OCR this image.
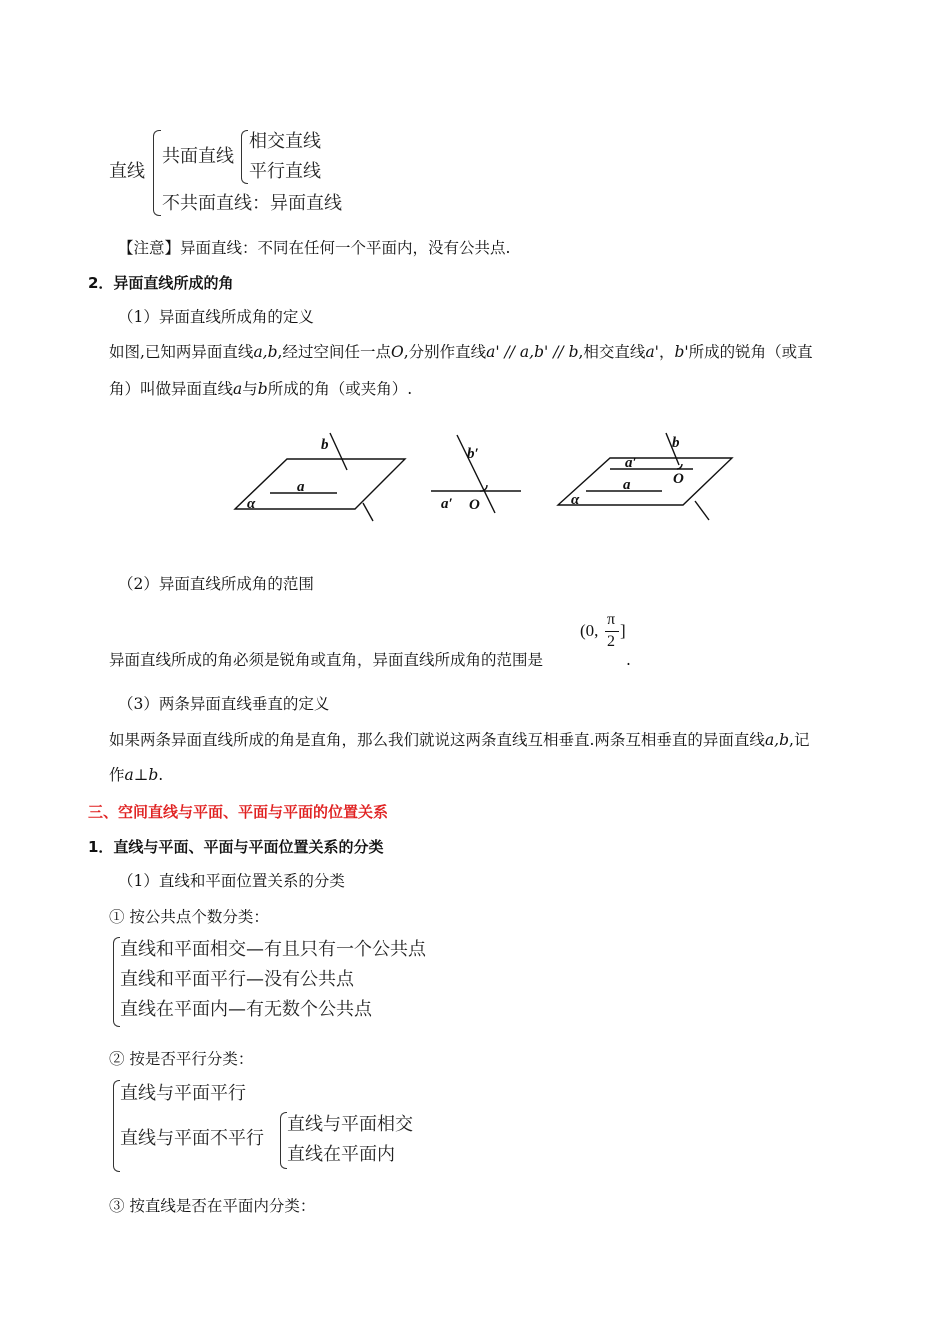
直线
共面直线
相交直线
平行直线
不共面直线：异面直线
【注意】异面直线：不同在任何一个平面内，没有公共点.
2．异面直线所成的角
（1）异面直线所成角的定义
如图,已知两异面直线a,b,经过空间任一点O,分别作直线a' // a,b' // b,相交直线a'，b'所成的锐角（或直
角）叫做异面直线a与b所成的角（或夹角）.
b
a
α
b′
a′ O
b
a′
O
a
α
（2）异面直线所成角的范围
(0,
π
2
]
异面直线所成的角必须是锐角或直角，异面直线所成角的范围是	.
（3）两条异面直线垂直的定义
如果两条异面直线所成的角是直角，那么我们就说这两条直线互相垂直.两条互相垂直的异面直线a,b,记
作a⊥b.
三、空间直线与平面、平面与平面的位置关系
1．直线与平面、平面与平面位置关系的分类
（1）直线和平面位置关系的分类
① 按公共点个数分类：
直线和平面相交—有且只有一个公共点
直线和平面平行—没有公共点
直线在平面内—有无数个公共点
② 按是否平行分类：
直线与平面平行
直线与平面不平行
直线与平面相交
直线在平面内
③ 按直线是否在平面内分类：
